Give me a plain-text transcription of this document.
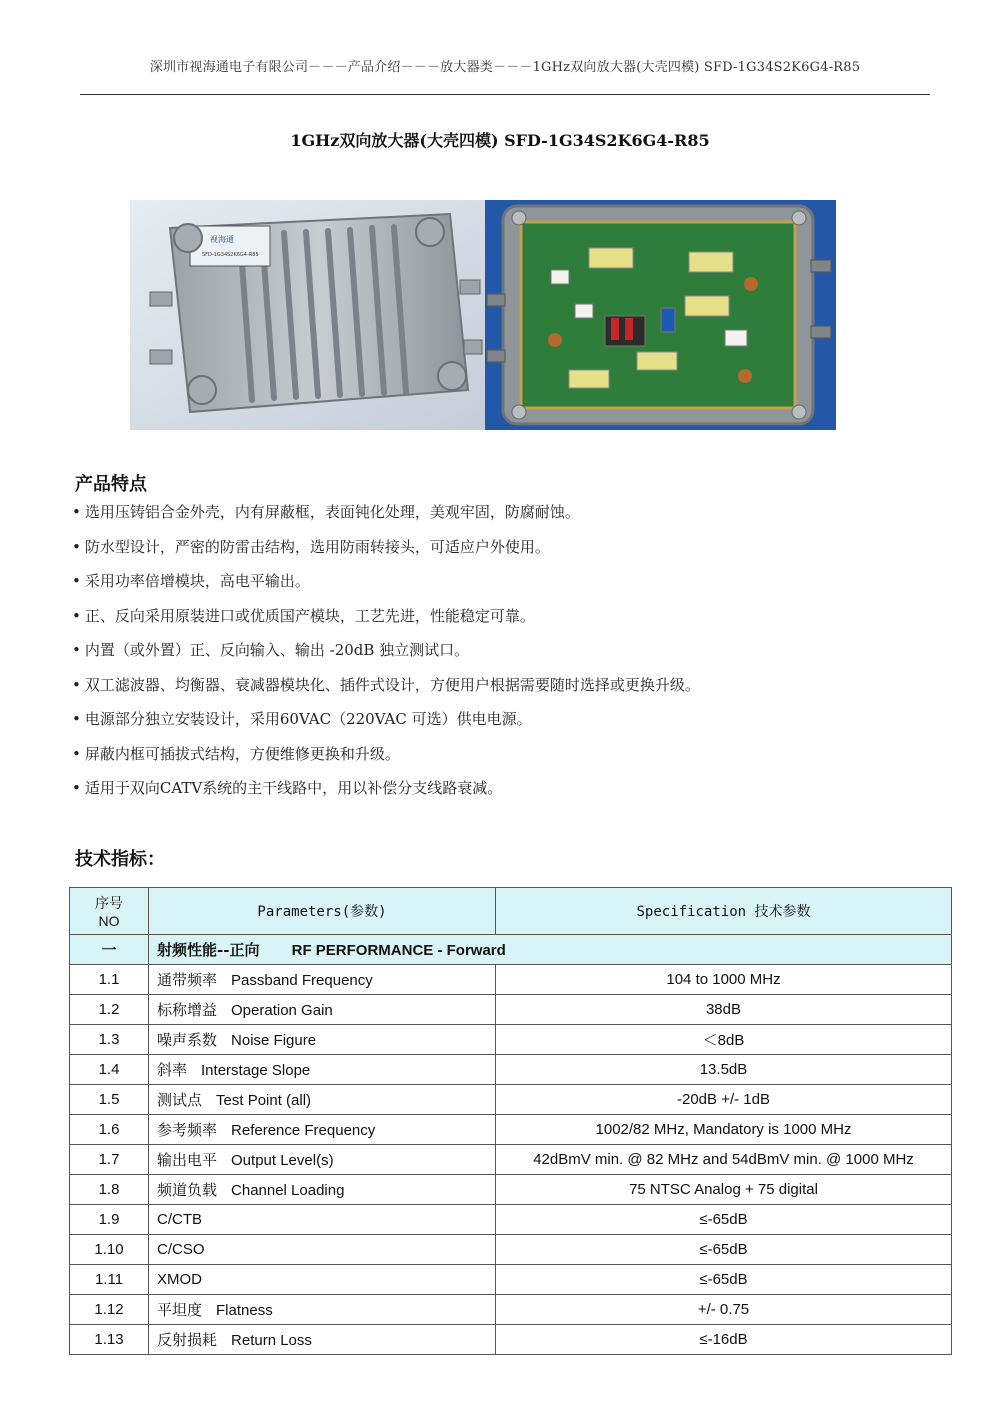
深圳市视海通电子有限公司－－－产品介绍－－－放大器类－－－1GHz双向放大器(大壳四模) SFD-1G34S2K6G4-R85
1GHz双向放大器(大壳四模) SFD-1G34S2K6G4-R85
视海通
SFD-1G34S2K6G4-R85
产品特点
• 选用压铸铝合金外壳，内有屏蔽框，表面钝化处理，美观牢固，防腐耐蚀。
• 防水型设计，严密的防雷击结构，选用防雨转接头，可适应户外使用。
• 采用功率倍增模块，高电平输出。
• 正、反向采用原装进口或优质国产模块，工艺先进，性能稳定可靠。
• 内置（或外置）正、反向输入、输出 -20dB 独立测试口。
• 双工滤波器、均衡器、衰减器模块化、插件式设计，方便用户根据需要随时选择或更换升级。
• 电源部分独立安装设计，采用60VAC（220VAC 可选）供电电源。
• 屏蔽内框可插拔式结构，方便维修更换和升级。
• 适用于双向CATV系统的主干线路中，用以补偿分支线路衰减。
技术指标：
序号
NO	Parameters(参数)	Specification 技术参数
一	射频性能--正向 RF PERFORMANCE - Forward	
1.1	通带频率 Passband Frequency	104 to 1000 MHz
1.2	标称增益 Operation Gain	38dB
1.3	噪声系数 Noise Figure	＜8dB
1.4	斜率 Interstage Slope	13.5dB
1.5	测试点 Test Point (all)	-20dB +/- 1dB
1.6	参考频率 Reference Frequency	1002/82 MHz, Mandatory is 1000 MHz
1.7	输出电平 Output Level(s)	42dBmV min. @ 82 MHz and 54dBmV min. @ 1000 MHz
1.8	频道负载 Channel Loading	75 NTSC Analog + 75 digital
1.9	C/CTB	≤-65dB
1.10	C/CSO	≤-65dB
1.11	XMOD	≤-65dB
1.12	平坦度 Flatness	+/- 0.75
1.13	反射损耗 Return Loss	≤-16dB
